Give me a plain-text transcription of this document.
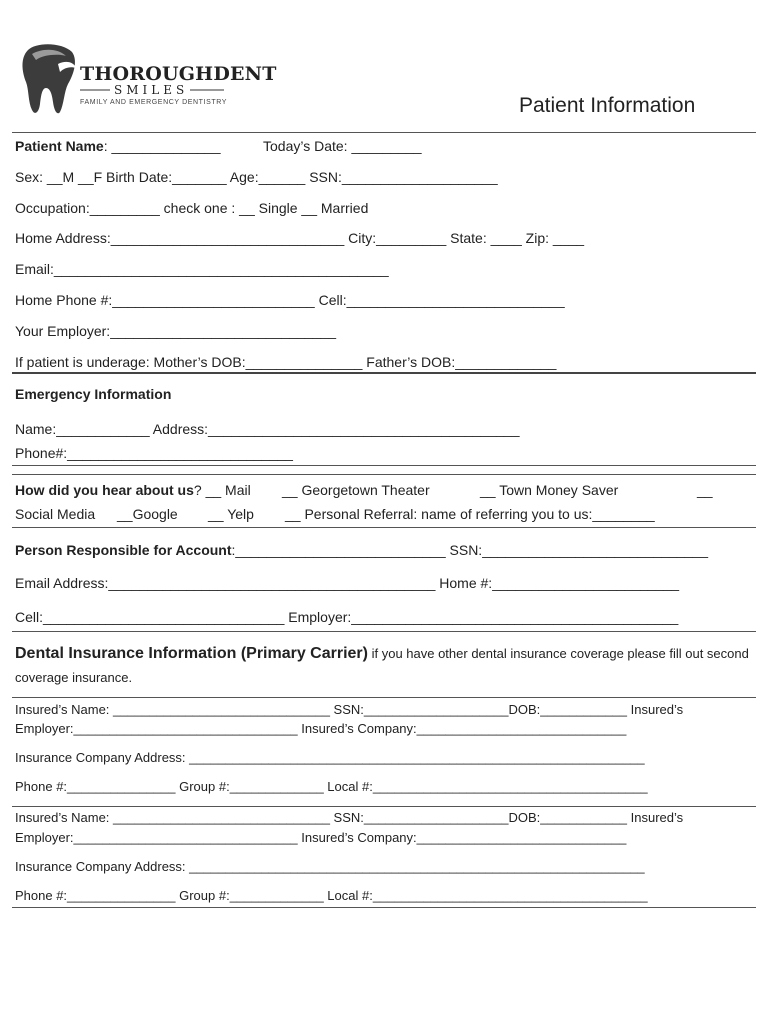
THOROUGHDENT
SMILES
FAMILY AND EMERGENCY DENTISTRY	Patient Information
Patient Name: ______________	Today’s Date: _________
Sex: __M __F Birth Date:_______ Age:______ SSN:____________________
Occupation:_________ check one : __ Single __ Married
Home Address:______________________________ City:_________ State: ____ Zip: ____
Email:___________________________________________
Home Phone #:__________________________ Cell:____________________________
Your Employer:_____________________________
If patient is underage: Mother’s DOB:_______________ Father’s DOB:_____________
Emergency Information
Name:____________ Address:________________________________________
Phone#:_____________________________
How did you hear about us? __ Mail __ Georgetown Theater	__ Town Money Saver	__
Social Media __Google __ Yelp __ Personal Referral: name of referring you to us:________
Person Responsible for Account:___________________________ SSN:_____________________________
Email Address:__________________________________________ Home #:________________________
Cell:_______________________________ Employer:__________________________________________
Dental Insurance Information (Primary Carrier) if you have other dental insurance coverage please fill out second
coverage insurance.
Insured’s Name: ______________________________ SSN:____________________DOB:____________ Insured’s
Employer:_______________________________ Insured’s Company:_____________________________
Insurance Company Address: _______________________________________________________________
Phone #:_______________ Group #:_____________ Local #:______________________________________
Insured’s Name: ______________________________ SSN:____________________DOB:____________ Insured’s
Employer:_______________________________ Insured’s Company:_____________________________
Insurance Company Address: _______________________________________________________________
Phone #:_______________ Group #:_____________ Local #:______________________________________
